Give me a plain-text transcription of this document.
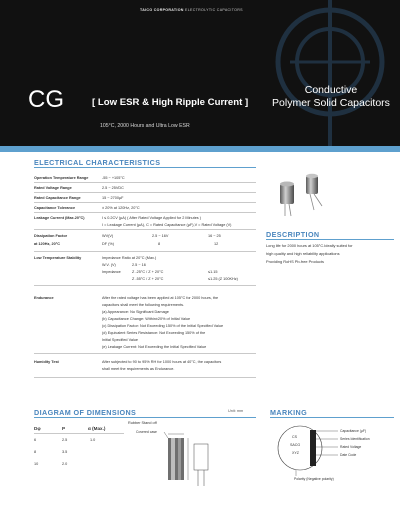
TAICO CORPORATION ELECTROLYTIC CAPACITORS
CG	[ Low ESR & High Ripple Current ]
105°C, 2000 Hours and Ultra Low ESR
Conductive
Polymer Solid Capacitors
ELECTRICAL CHARACTERISTICS
Operation Temperature Range	-55 ~ +105°C
Rated Voltage Range	2.5 ~ 25VDC
Rated Capacitance Range	15 ~ 2700µF
Capacitance Tolerance	± 20% at 120Hz, 20°C
Leakage Current (Max.20°C)	I ≤ 0.2CV (µA) ( After Rated Voltage Applied for 2 Minutes )
I = Leakage Current (µA), C = Rated Capacitance (µF),V = Rated Voltage (V)
Dissipation Factor
at 120Hz, 20°C
WV(V)	2.5 ~ 16V	16 ~ 25
DF (%)	8	12
Low Temperature Stability	Impedance Ratio at 20°C (Max.)
W.V. (V)	2.5 ~ 16
Impedance	Z -25°C / Z + 20°C	≤1.15
Z -55°C / Z + 20°C	≤1.25 (Z 100KHz)
Endurance	After the rated voltage has been applied at 105°C for 2000 hours, the
capacitors shall meet the following requirements.
(a) Appearance: No Significant Damage
(b) Capacitance Change: Within±20% of Initial Value
(c) Dissipation Factor: Not Exceeding 150% of the Initial Specified Value
(d) Equivalent Series Resistance: Not Exceeding 150% of the
Initial Specified Value
(e) Leakage Current: Not Exceeding the Initial Specified Value
Humidity Test	After subjected to 90 to 95% RH for 1000 hours at 40°C, the capacitors
shall meet the requirements as Endurance.
DESCRIPTION
Long life for 2000 hours at 105°C.Ideally suited for
high quality and high reliability applications
Providing RoHS Pb-free Products
DIAGRAM OF DIMENSIONS	Unit: mm
Rubber Stand off
Covered case
Dφ	P	α (Max.)
6	2.5	1.0
8	3.5
10	2.0
MARKING
CS
SACG
XYZ
Capacitance (µF)
Series Identification
Rated Voltage
Date Code
Polarity (Negative polarity)
